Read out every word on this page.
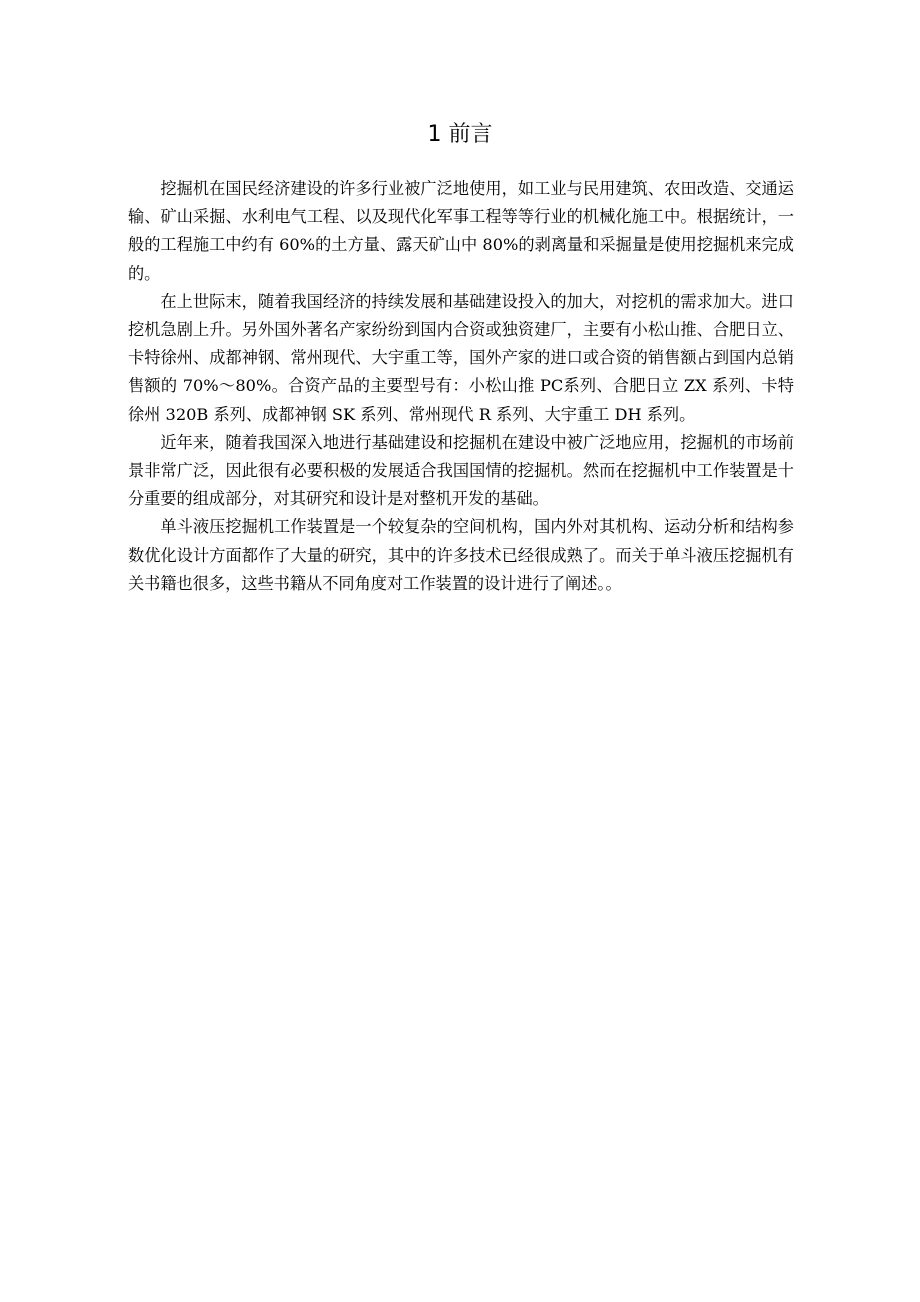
1 前言

挖掘机在国民经济建设的许多行业被广泛地使用，如工业与民用建筑、农田改造、交通运输、矿山采掘、水利电气工程、以及现代化军事工程等等行业的机械化施工中。根据统计，一般的工程施工中约有 60%的土方量、露天矿山中 80%的剥离量和采掘量是使用挖掘机来完成的。

在上世际末，随着我国经济的持续发展和基础建设投入的加大，对挖机的需求加大。进口挖机急剧上升。另外国外著名产家纷纷到国内合资或独资建厂，主要有小松山推、合肥日立、卡特徐州、成都神钢、常州现代、大宇重工等，国外产家的进口或合资的销售额占到国内总销售额的 70%～80%。合资产品的主要型号有：小松山推 PC系列、合肥日立 ZX 系列、卡特徐州 320B 系列、成都神钢 SK 系列、常州现代 R 系列、大宇重工 DH 系列。

近年来，随着我国深入地进行基础建设和挖掘机在建设中被广泛地应用，挖掘机的市场前景非常广泛，因此很有必要积极的发展适合我国国情的挖掘机。然而在挖掘机中工作装置是十分重要的组成部分，对其研究和设计是对整机开发的基础。

单斗液压挖掘机工作装置是一个较复杂的空间机构，国内外对其机构、运动分析和结构参数优化设计方面都作了大量的研究，其中的许多技术已经很成熟了。而关于单斗液压挖掘机有关书籍也很多，这些书籍从不同角度对工作装置的设计进行了阐述。。
